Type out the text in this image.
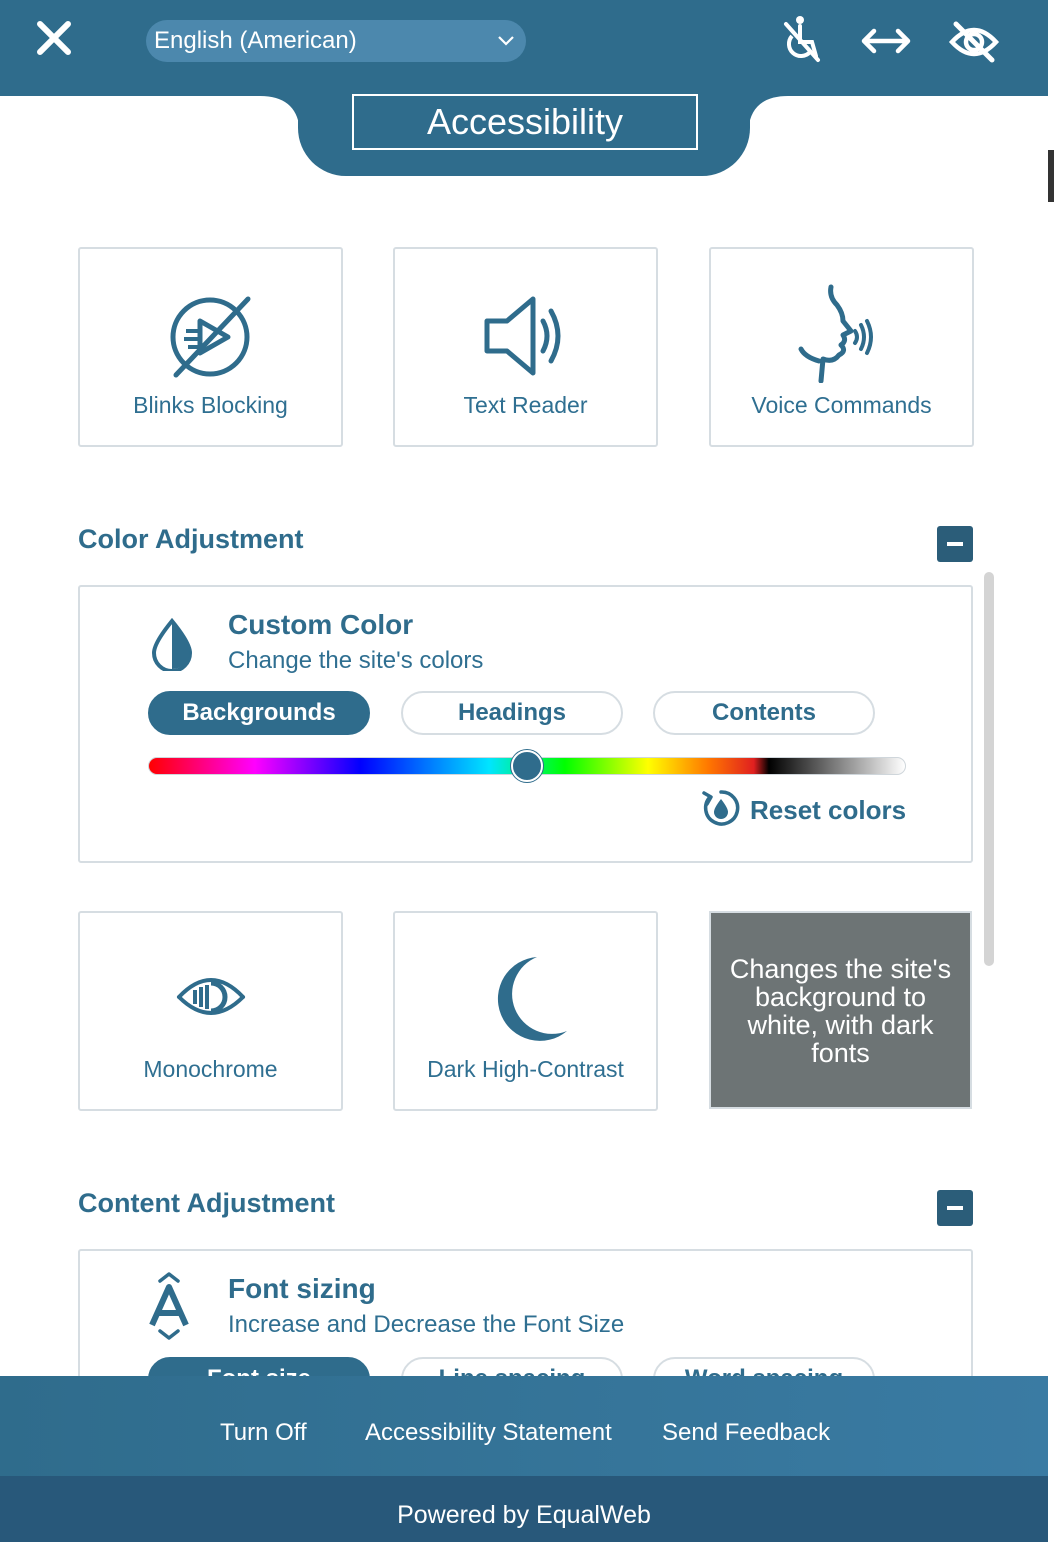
English (American)
Accessibility
Blinks Blocking	Text Reader	Voice Commands
Color Adjustment
Custom Color
Change the site's colors
Backgrounds	Headings	Contents
Reset colors
Monochrome	Dark High-Contrast
Changes the site's background to white, with dark fonts
Content Adjustment
Font sizing
Increase and Decrease the Font Size
Turn Off Accessibility Statement Send Feedback
Powered by EqualWeb
